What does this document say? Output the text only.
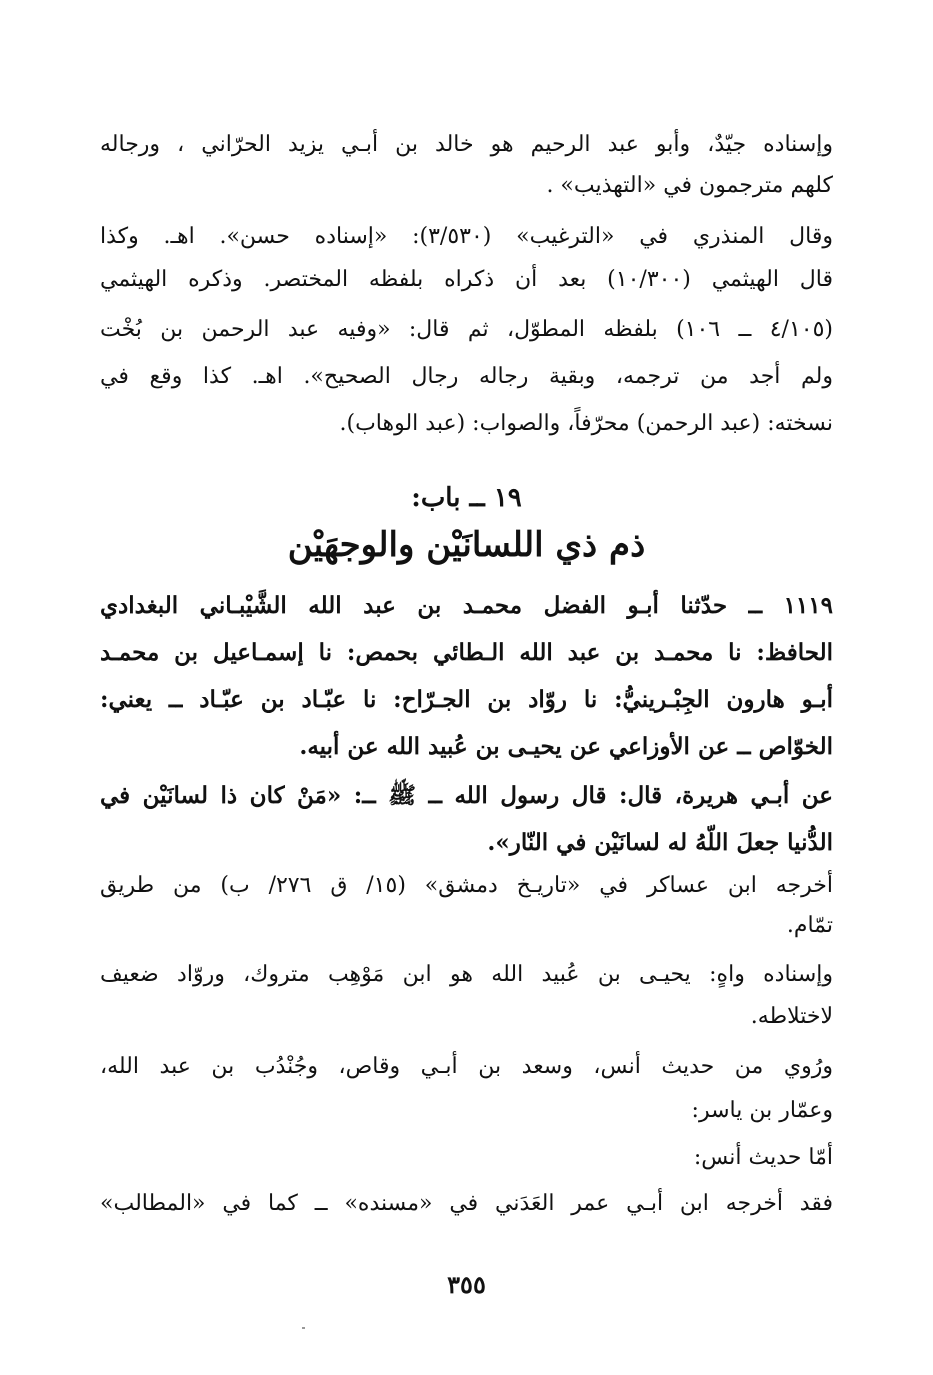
وإسناده جيّدٌ، وأبو عبد الرحيم هو خالد بن أبـي يزيد الحرّاني ، ورجاله
كلهم مترجمون في «التهذيب» .
وقال المنذري في «الترغيب» (٣/٥٣٠): «إسناده حسن». اهـ. وكذا
قال الهيثمي (١٠/٣٠٠) بعد أن ذكراه بلفظه المختصر. وذكره الهيثمي
(٤/١٠٥ ــ ١٠٦) بلفظه المطوّل، ثم قال: «وفيه عبد الرحمن بن بُخْت
ولم أجد من ترجمه، وبقية رجاله رجال الصحيح». اهـ. كذا وقع في
نسخته: (عبد الرحمن) محرّفاً، والصواب: (عبد الوهاب).
١٩ ــ باب:
ذم ذي اللسانَيْن والوجهَيْن
١١١٩ ــ حدّثنا أبـو الفضل محمـد بن عبد الله الشَّيْبـاني البغدادي
الحافظ: نا محمـد بن عبد الله الـطائي بحمص: نا إسمـاعيل بن محمـد
أبـو هارون الجِبْـرينيُّ: نا روّاد بن الجـرّاح: نا عبّـاد بن عبّـاد ــ يعني:
الخوّاص ــ عن الأوزاعي عن يحيـى بن عُبيد الله عن أبيه.
عن أبـي هريرة، قال: قال رسول الله ــ ﷺ ــ: «مَنْ كان ذا لسانَيْن في
الدُّنيا جعلَ اللّهُ له لسانَيْن في النّار».
أخرجه ابن عساكر في «تاريـخ دمشق» (١٥/ ق ٢٧٦/ ب) من طريق
تمّام.
وإسناده واهٍ: يحيـى بن عُبيد الله هو ابن مَوْهِب متروك، وروّاد ضعيف
لاختلاطه.
ورُوي من حديث أنس، وسعد بن أبـي وقاص، وجُنْدُب بن عبد الله،
وعمّار بن ياسر:
أمّا حديث أنس:
فقد أخرجه ابن أبـي عمر العَدَني في «مسنده» ــ كما في «المطالب»
٣٥٥
